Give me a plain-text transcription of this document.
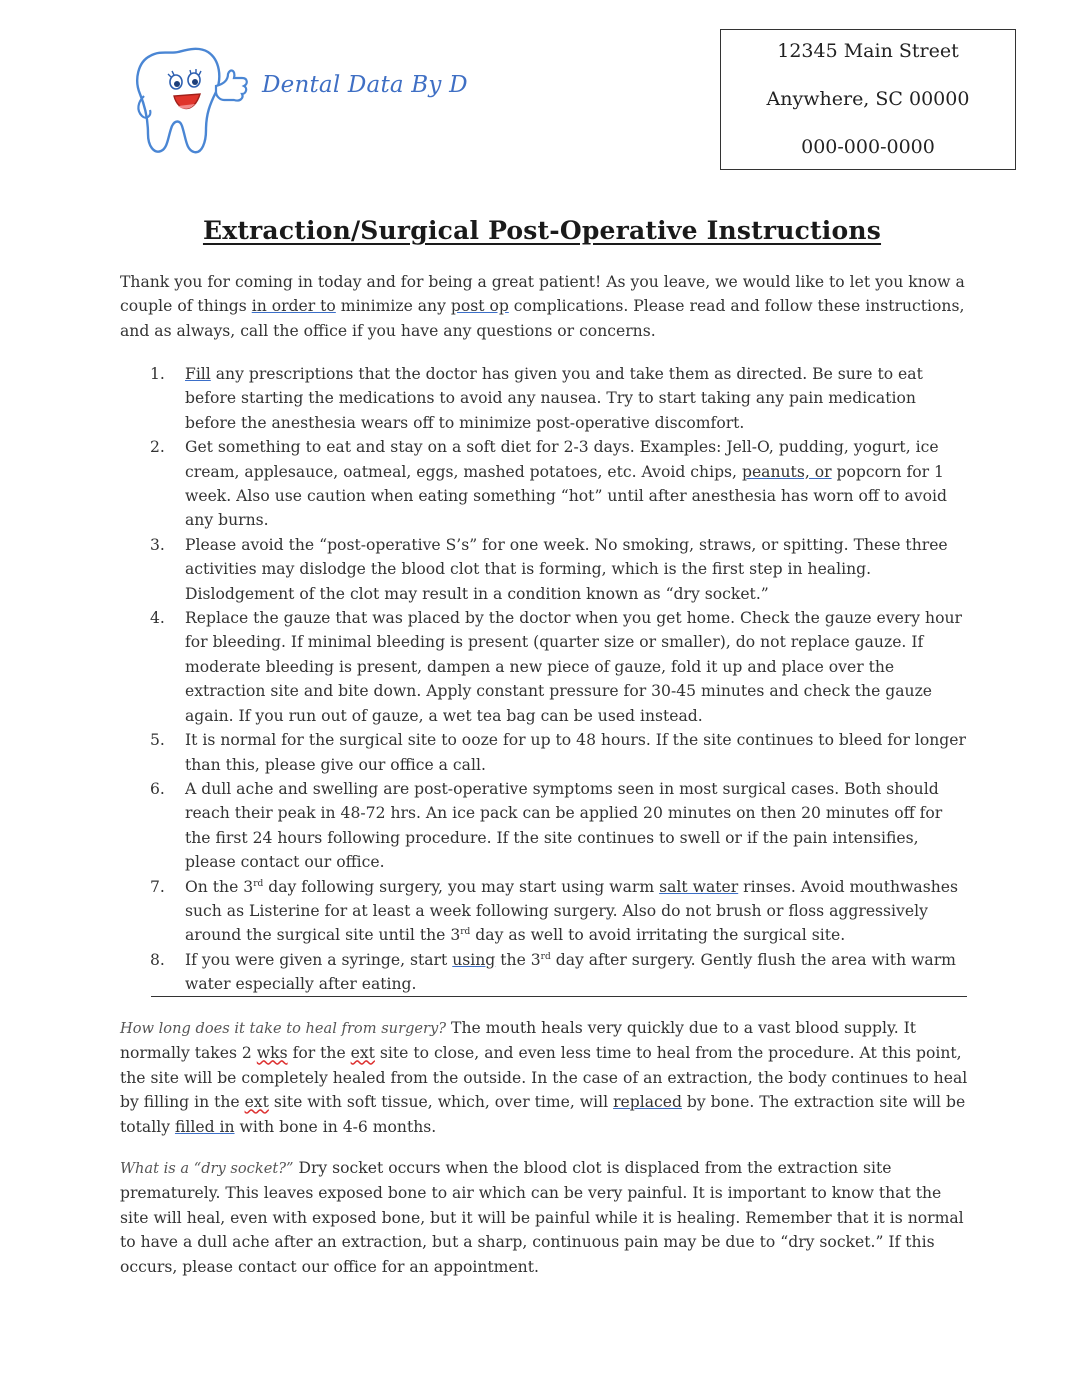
Dental Data By D
12345 Main Street
Anywhere, SC 00000
000-000-0000
Extraction/Surgical Post-Operative Instructions

Thank you for coming in today and for being a great patient! As you leave, we would like to let you know a couple of things in order to minimize any post op complications. Please read and follow these instructions, and as always, call the office if you have any questions or concerns.

1. Fill any prescriptions that the doctor has given you and take them as directed. Be sure to eat before starting the medications to avoid any nausea. Try to start taking any pain medication before the anesthesia wears off to minimize post-operative discomfort.
2. Get something to eat and stay on a soft diet for 2-3 days. Examples: Jell-O, pudding, yogurt, ice cream, applesauce, oatmeal, eggs, mashed potatoes, etc. Avoid chips, peanuts, or popcorn for 1 week. Also use caution when eating something “hot” until after anesthesia has worn off to avoid any burns.
3. Please avoid the “post-operative S’s” for one week. No smoking, straws, or spitting. These three activities may dislodge the blood clot that is forming, which is the first step in healing. Dislodgement of the clot may result in a condition known as “dry socket.”
4. Replace the gauze that was placed by the doctor when you get home. Check the gauze every hour for bleeding. If minimal bleeding is present (quarter size or smaller), do not replace gauze. If moderate bleeding is present, dampen a new piece of gauze, fold it up and place over the extraction site and bite down. Apply constant pressure for 30-45 minutes and check the gauze again. If you run out of gauze, a wet tea bag can be used instead.
5. It is normal for the surgical site to ooze for up to 48 hours. If the site continues to bleed for longer than this, please give our office a call.
6. A dull ache and swelling are post-operative symptoms seen in most surgical cases. Both should reach their peak in 48-72 hrs. An ice pack can be applied 20 minutes on then 20 minutes off for the first 24 hours following procedure. If the site continues to swell or if the pain intensifies, please contact our office.
7. On the 3rd day following surgery, you may start using warm salt water rinses. Avoid mouthwashes such as Listerine for at least a week following surgery. Also do not brush or floss aggressively around the surgical site until the 3rd day as well to avoid irritating the surgical site.
8. If you were given a syringe, start using the 3rd day after surgery. Gently flush the area with warm water especially after eating.

How long does it take to heal from surgery? The mouth heals very quickly due to a vast blood supply. It normally takes 2 wks for the ext site to close, and even less time to heal from the procedure. At this point, the site will be completely healed from the outside. In the case of an extraction, the body continues to heal by filling in the ext site with soft tissue, which, over time, will replaced by bone. The extraction site will be totally filled in with bone in 4-6 months.

What is a “dry socket?” Dry socket occurs when the blood clot is displaced from the extraction site prematurely. This leaves exposed bone to air which can be very painful. It is important to know that the site will heal, even with exposed bone, but it will be painful while it is healing. Remember that it is normal to have a dull ache after an extraction, but a sharp, continuous pain may be due to “dry socket.” If this occurs, please contact our office for an appointment.
